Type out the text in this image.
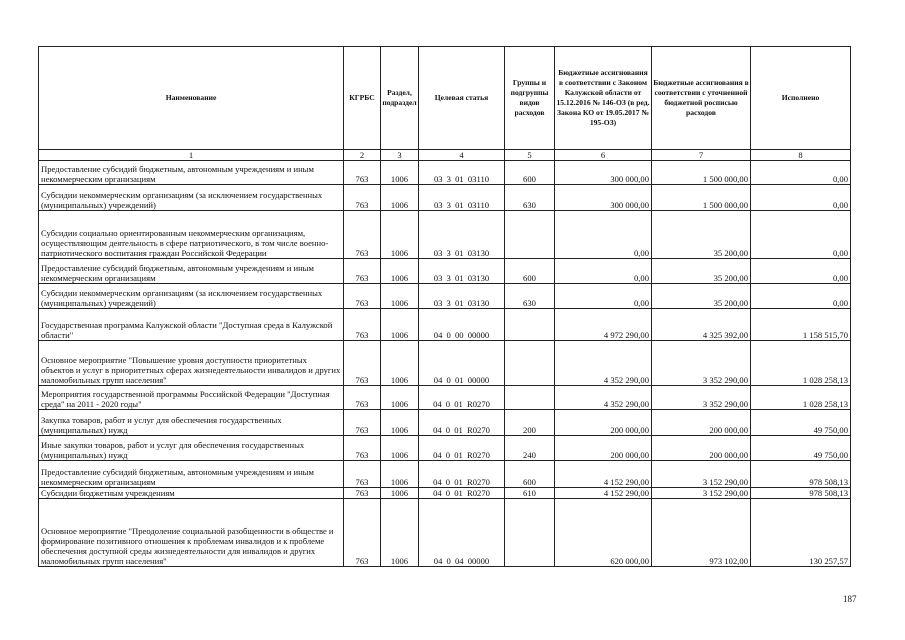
Наименование	КГРБС	Раздел, подраздел	Целевая статья	Группы и подгруппы видов расходов	Бюджетные ассигнования в соответствии с Законом Калужской области от 15.12.2016 № 146-ОЗ (в ред. Закона КО от 19.05.2017 № 195-ОЗ)	Бюджетные ассигнования в соответствии с уточненной бюджетной росписью расходов	Исполнено
1	2	3	4	5	6	7	8
Предоставление субсидий бюджетным, автономным учреждениям и иным некоммерческим организациям	763	1006	03 3 01 03110	600	300 000,00	1 500 000,00	0,00
Субсидии некоммерческим организациям (за исключением государственных (муниципальных) учреждений)	763	1006	03 3 01 03110	630	300 000,00	1 500 000,00	0,00
Субсидии социально ориентированным некоммерческим организациям, осуществляющим деятельность в сфере патриотического, в том числе военно-патриотического воспитания граждан Российской Федерации	763	1006	03 3 01 03130		0,00	35 200,00	0,00
Предоставление субсидий бюджетным, автономным учреждениям и иным некоммерческим организациям	763	1006	03 3 01 03130	600	0,00	35 200,00	0,00
Субсидии некоммерческим организациям (за исключением государственных (муниципальных) учреждений)	763	1006	03 3 01 03130	630	0,00	35 200,00	0,00
Государственная программа Калужской области "Доступная среда в Калужской области"	763	1006	04 0 00 00000		4 972 290,00	4 325 392,00	1 158 515,70
Основное мероприятие "Повышение уровня доступности приоритетных объектов и услуг в приоритетных сферах жизнедеятельности инвалидов и других маломобильных групп населения"	763	1006	04 0 01 00000		4 352 290,00	3 352 290,00	1 028 258,13
Мероприятия государственной программы Российской Федерации "Доступная среда" на 2011 - 2020 годы"	763	1006	04 0 01 R0270		4 352 290,00	3 352 290,00	1 028 258,13
Закупка товаров, работ и услуг для обеспечения государственных (муниципальных) нужд	763	1006	04 0 01 R0270	200	200 000,00	200 000,00	49 750,00
Иные закупки товаров, работ и услуг для обеспечения государственных (муниципальных) нужд	763	1006	04 0 01 R0270	240	200 000,00	200 000,00	49 750,00
Предоставление субсидий бюджетным, автономным учреждениям и иным некоммерческим организациям	763	1006	04 0 01 R0270	600	4 152 290,00	3 152 290,00	978 508,13
Субсидии бюджетным учреждениям	763	1006	04 0 01 R0270	610	4 152 290,00	3 152 290,00	978 508,13
Основное мероприятие "Преодоление социальной разобщенности в обществе и формирование позитивного отношения к проблемам инвалидов и к проблеме обеспечения доступной среды жизнедеятельности для инвалидов и других маломобильных групп населения"	763	1006	04 0 04 00000		620 000,00	973 102,00	130 257,57
187
